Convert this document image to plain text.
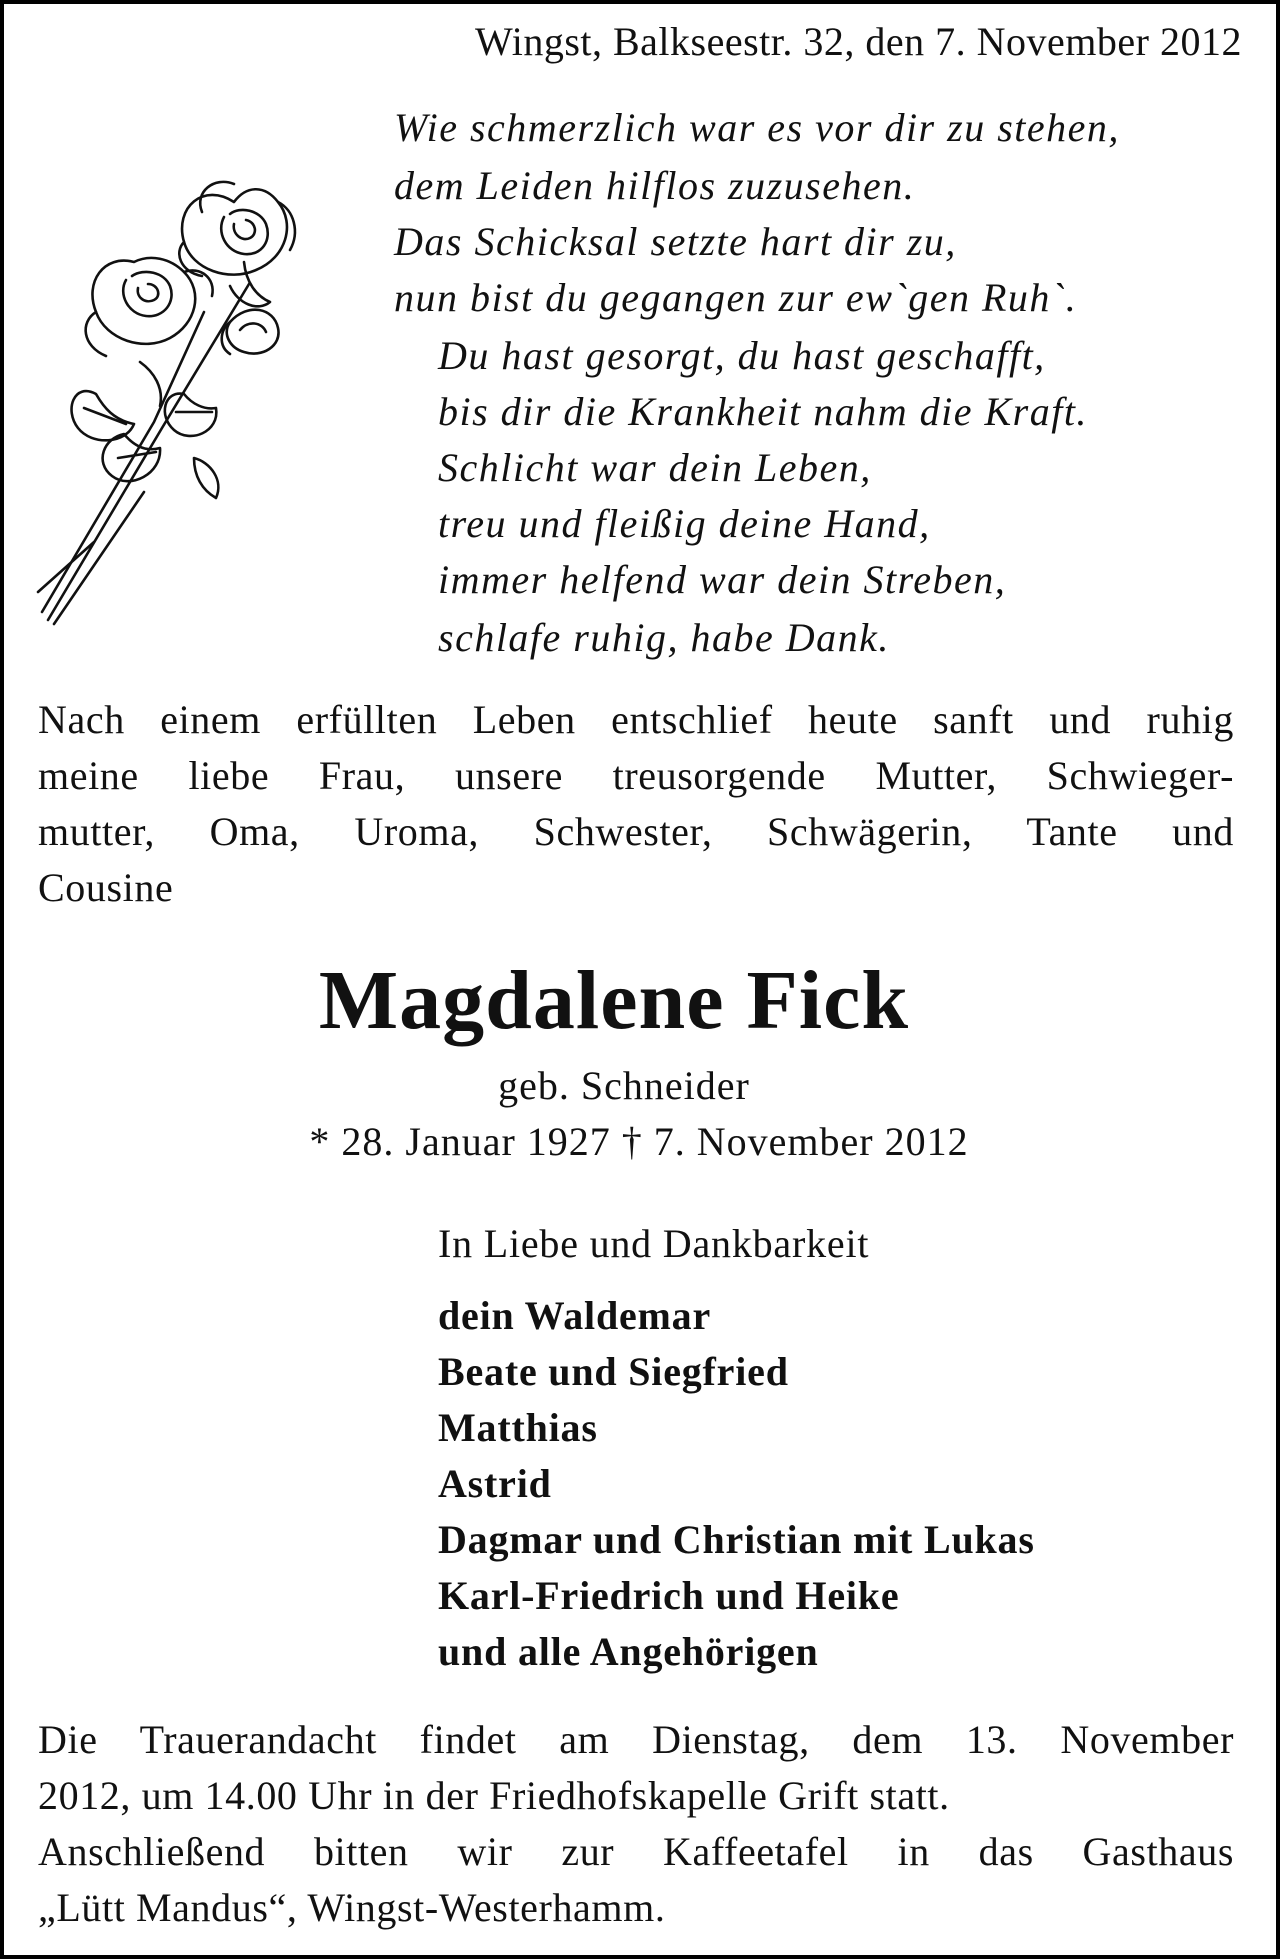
Wingst, Balkseestr. 32, den 7. November 2012
Wie schmerzlich war es vor dir zu stehen,
dem Leiden hilflos zuzusehen.
Das Schicksal setzte hart dir zu,
nun bist du gegangen zur ew`gen Ruh`.
Du hast gesorgt, du hast geschafft,
bis dir die Krankheit nahm die Kraft.
Schlicht war dein Leben,
treu und fleißig deine Hand,
immer helfend war dein Streben,
schlafe ruhig, habe Dank.
Nach einem erfüllten Leben entschlief heute sanft und ruhig
meine liebe Frau, unsere treusorgende Mutter, Schwieger-
mutter, Oma, Uroma, Schwester, Schwägerin, Tante und
Cousine
Magdalene Fick
geb. Schneider
* 28. Januar 1927 † 7. November 2012
In Liebe und Dankbarkeit
dein Waldemar
Beate und Siegfried
Matthias
Astrid
Dagmar und Christian mit Lukas
Karl-Friedrich und Heike
und alle Angehörigen
Die Trauerandacht findet am Dienstag, dem 13. November
2012, um 14.00 Uhr in der Friedhofskapelle Grift statt.
Anschließend bitten wir zur Kaffeetafel in das Gasthaus
„Lütt Mandus“, Wingst-Westerhamm.
